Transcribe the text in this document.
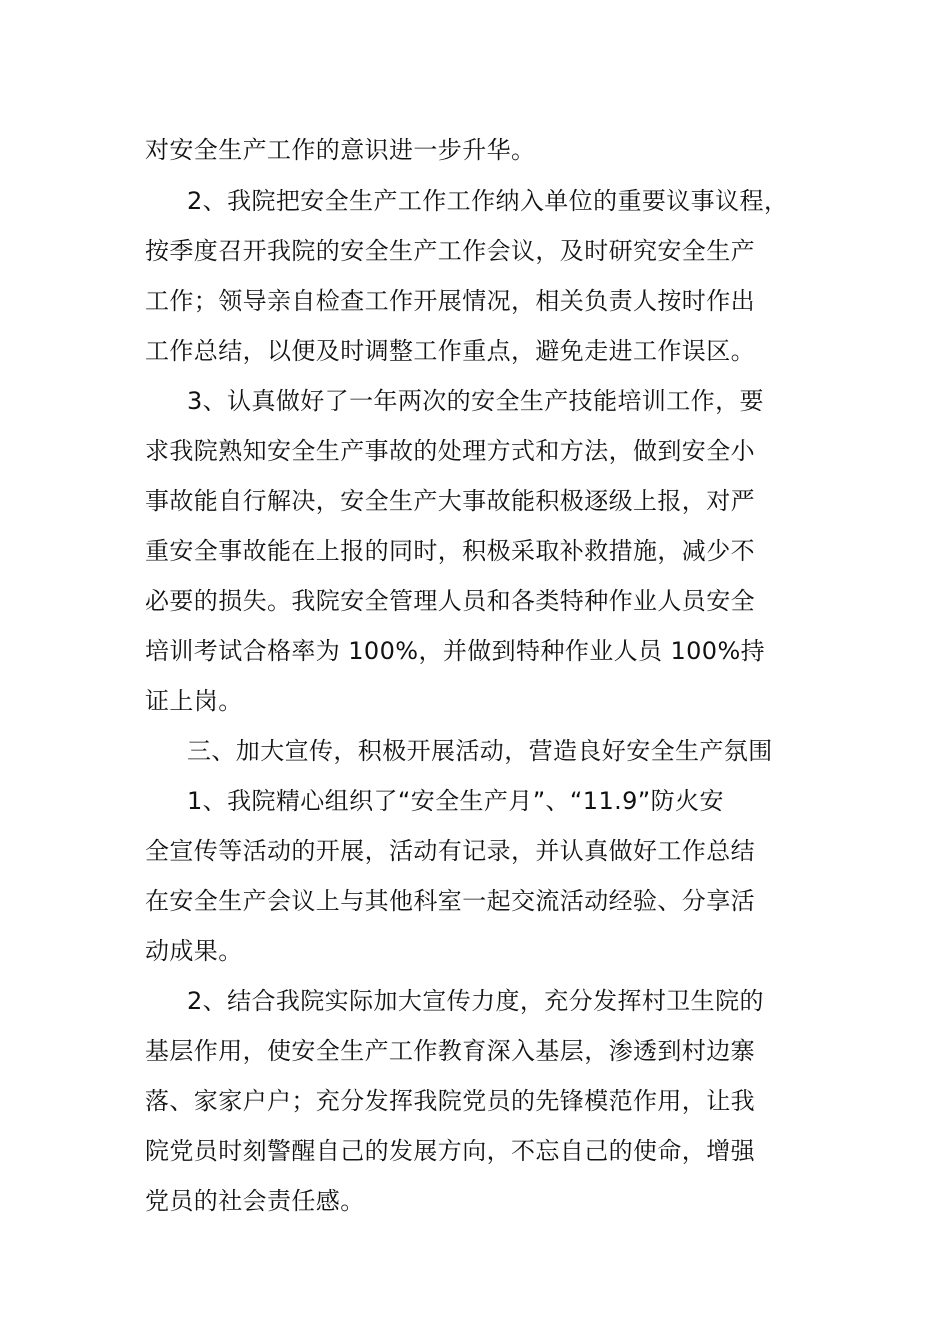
对安全生产工作的意识进一步升华。
2、我院把安全生产工作工作纳入单位的重要议事议程，
按季度召开我院的安全生产工作会议，及时研究安全生产
工作；领导亲自检查工作开展情况，相关负责人按时作出
工作总结，以便及时调整工作重点，避免走进工作误区。
3、认真做好了一年两次的安全生产技能培训工作，要
求我院熟知安全生产事故的处理方式和方法，做到安全小
事故能自行解决，安全生产大事故能积极逐级上报，对严
重安全事故能在上报的同时，积极采取补救措施，减少不
必要的损失。我院安全管理人员和各类特种作业人员安全
培训考试合格率为 100%，并做到特种作业人员 100%持
证上岗。
三、加大宣传，积极开展活动，营造良好安全生产氛围
1、我院精心组织了“安全生产月”、“11.9”防火安
全宣传等活动的开展，活动有记录，并认真做好工作总结
在安全生产会议上与其他科室一起交流活动经验、分享活
动成果。
2、结合我院实际加大宣传力度，充分发挥村卫生院的
基层作用，使安全生产工作教育深入基层，渗透到村边寨
落、家家户户；充分发挥我院党员的先锋模范作用，让我
院党员时刻警醒自己的发展方向，不忘自己的使命，增强
党员的社会责任感。
